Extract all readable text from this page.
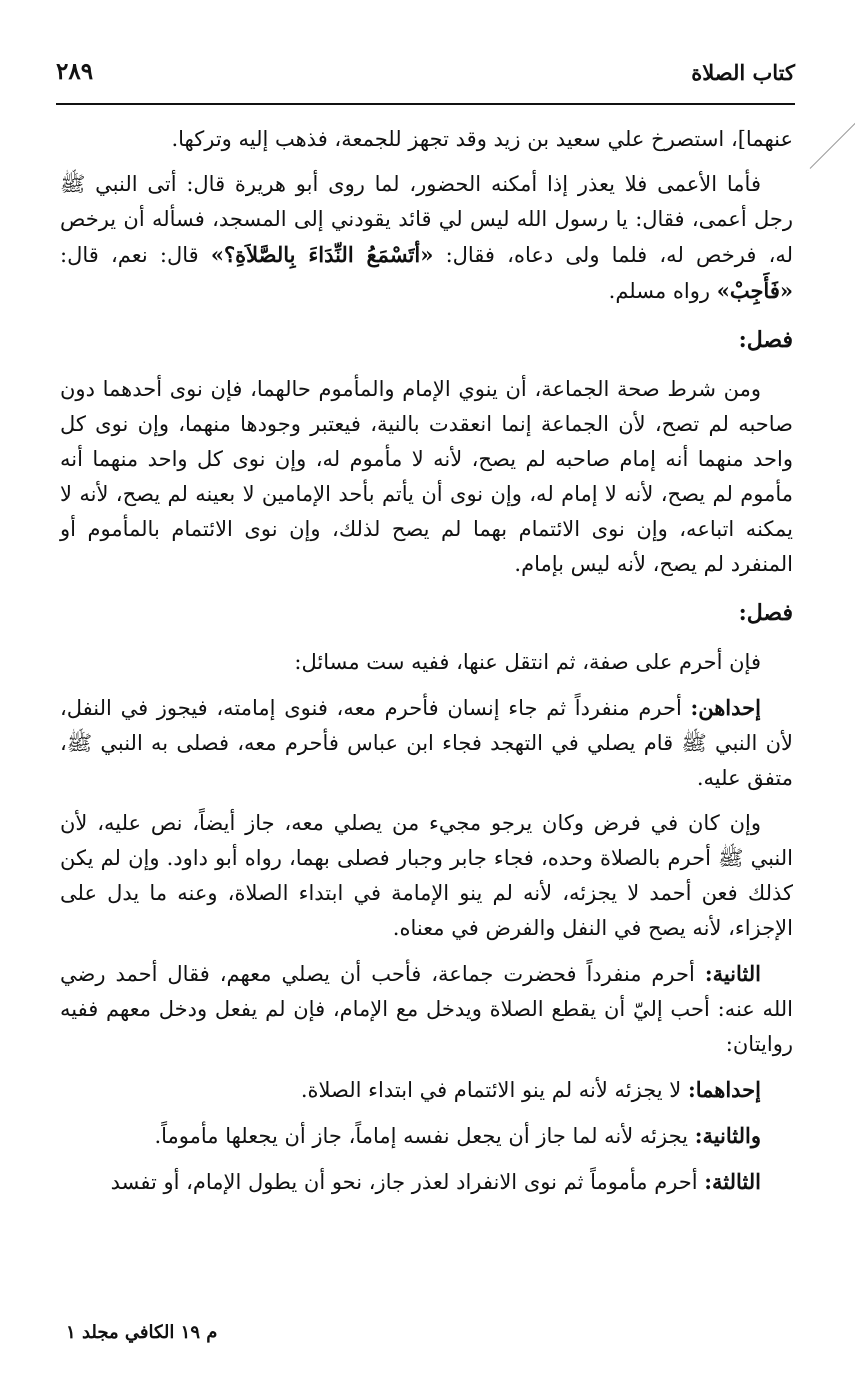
كتاب الصلاة
٢٨٩

عنهما]، استصرخ علي سعيد بن زيد وقد تجهز للجمعة، فذهب إليه وتركها.

فأما الأعمى فلا يعذر إذا أمكنه الحضور، لما روى أبو هريرة قال: أتى النبي ﷺ رجل أعمى، فقال: يا رسول الله ليس لي قائد يقودني إلى المسجد، فسأله أن يرخص له، فرخص له، فلما ولى دعاه، فقال: «أتَسْمَعُ النِّدَاءَ بِالصَّلاَةِ؟» قال: نعم، قال: «فَأَجِبْ» رواه مسلم.

فصل:

ومن شرط صحة الجماعة، أن ينوي الإمام والمأموم حالهما، فإن نوى أحدهما دون صاحبه لم تصح، لأن الجماعة إنما انعقدت بالنية، فيعتبر وجودها منهما، وإن نوى كل واحد منهما أنه إمام صاحبه لم يصح، لأنه لا مأموم له، وإن نوى كل واحد منهما أنه مأموم لم يصح، لأنه لا إمام له، وإن نوى أن يأتم بأحد الإمامين لا بعينه لم يصح، لأنه لا يمكنه اتباعه، وإن نوى الائتمام بهما لم يصح لذلك، وإن نوى الائتمام بالمأموم أو المنفرد لم يصح، لأنه ليس بإمام.

فصل:

فإن أحرم على صفة، ثم انتقل عنها، ففيه ست مسائل:

إحداهن: أحرم منفرداً ثم جاء إنسان فأحرم معه، فنوى إمامته، فيجوز في النفل، لأن النبي ﷺ قام يصلي في التهجد فجاء ابن عباس فأحرم معه، فصلى به النبي ﷺ، متفق عليه.

وإن كان في فرض وكان يرجو مجيء من يصلي معه، جاز أيضاً، نص عليه، لأن النبي ﷺ أحرم بالصلاة وحده، فجاء جابر وجبار فصلى بهما، رواه أبو داود. وإن لم يكن كذلك فعن أحمد لا يجزئه، لأنه لم ينو الإمامة في ابتداء الصلاة، وعنه ما يدل على الإجزاء، لأنه يصح في النفل والفرض في معناه.

الثانية: أحرم منفرداً فحضرت جماعة، فأحب أن يصلي معهم، فقال أحمد رضي الله عنه: أحب إليّ أن يقطع الصلاة ويدخل مع الإمام، فإن لم يفعل ودخل معهم ففيه روايتان:

إحداهما: لا يجزئه لأنه لم ينو الائتمام في ابتداء الصلاة.

والثانية: يجزئه لأنه لما جاز أن يجعل نفسه إماماً، جاز أن يجعلها مأموماً.

الثالثة: أحرم مأموماً ثم نوى الانفراد لعذر جاز، نحو أن يطول الإمام، أو تفسد

م ١٩ الكافي مجلد ١
